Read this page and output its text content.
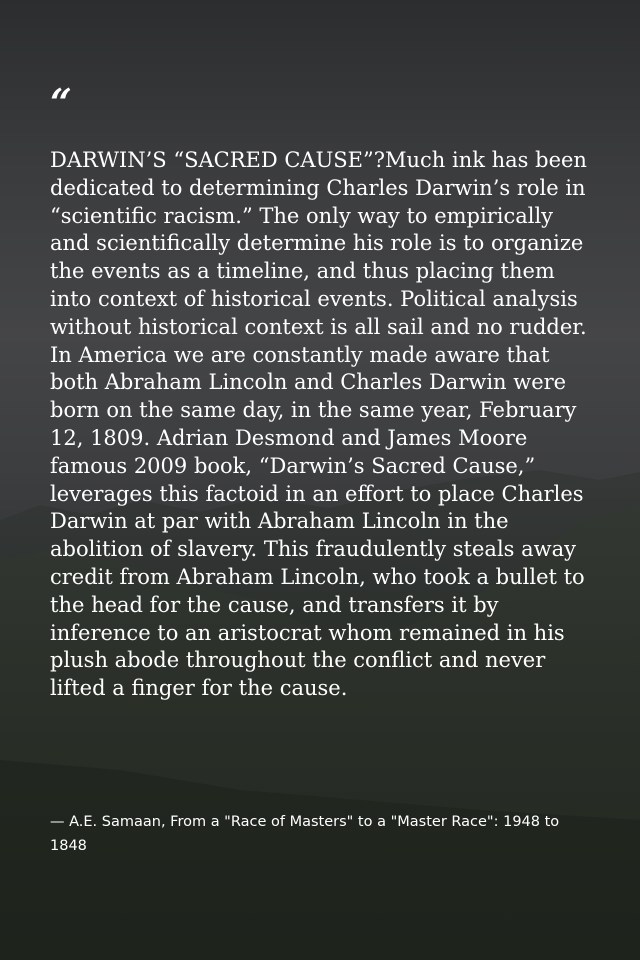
“

DARWIN’S “SACRED CAUSE”?Much ink has been dedicated to determining Charles Darwin’s role in “scientific racism.” The only way to empirically and scientifically determine his role is to organize the events as a timeline, and thus placing them into context of historical events. Political analysis without historical context is all sail and no rudder. In America we are constantly made aware that both Abraham Lincoln and Charles Darwin were born on the same day, in the same year, February 12, 1809. Adrian Desmond and James Moore famous 2009 book, “Darwin’s Sacred Cause,” leverages this factoid in an effort to place Charles Darwin at par with Abraham Lincoln in the abolition of slavery. This fraudulently steals away credit from Abraham Lincoln, who took a bullet to the head for the cause, and transfers it by inference to an aristocrat whom remained in his plush abode throughout the conflict and never lifted a finger for the cause.

— A.E. Samaan, From a "Race of Masters" to a "Master Race": 1948 to 1848
